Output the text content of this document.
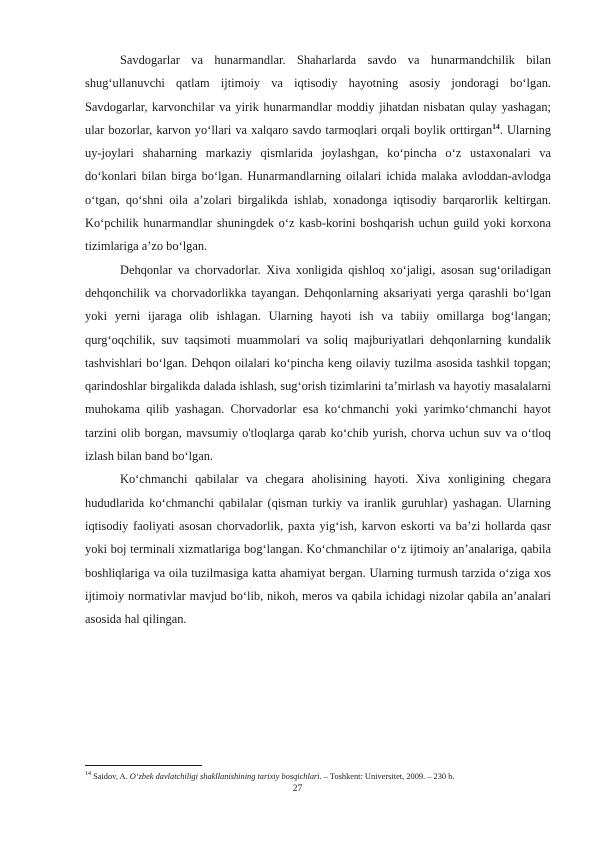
Savdogarlar va hunarmandlar. Shaharlarda savdo va hunarmandchilik bilan shug‘ullanuvchi qatlam ijtimoiy va iqtisodiy hayotning asosiy jondoragi bo‘lgan. Savdogarlar, karvonchilar va yirik hunarmandlar moddiy jihatdan nisbatan qulay yashagan; ular bozorlar, karvon yo‘llari va xalqaro savdo tarmoqlari orqali boylik orttirgan$^{14}$. Ularning uy-joylari shaharning markaziy qismlarida joylashgan, ko‘pincha o‘z ustaxonalari va do‘konlari bilan birga bo‘lgan. Hunarmandlarning oilalari ichida malaka avloddan-avlodga o‘tgan, qo‘shni oila a’zolari birgalikda ishlab, xonadonga iqtisodiy barqarorlik keltirgan. Ko‘pchilik hunarmandlar shuningdek o‘z kasb-korini boshqarish uchun guild yoki korxona tizimlariga a’zo bo‘lgan.

Dehqonlar va chorvadorlar. Xiva xonligida qishloq xo‘jaligi, asosan sug‘oriladigan dehqonchilik va chorvadorlikka tayangan. Dehqonlarning aksariyati yerga qarashli bo‘lgan yoki yerni ijaraga olib ishlagan. Ularning hayoti ish va tabiiy omillarga bog‘langan; qurg‘oqchilik, suv taqsimoti muammolari va soliq majburiyatlari dehqonlarning kundalik tashvishlari bo‘lgan. Dehqon oilalari ko‘pincha keng oilaviy tuzilma asosida tashkil topgan; qarindoshlar birgalikda dalada ishlash, sug‘orish tizimlarini ta’mirlash va hayotiy masalalarni muhokama qilib yashagan. Chorvadorlar esa ko‘chmanchi yoki yarimko‘chmanchi hayot tarzini olib borgan, mavsumiy o'tloqlarga qarab ko‘chib yurish, chorva uchun suv va o‘tloq izlash bilan band bo‘lgan.

Ko‘chmanchi qabilalar va chegara aholisining hayoti. Xiva xonligining chegara hududlarida ko‘chmanchi qabilalar (qisman turkiy va iranlik guruhlar) yashagan. Ularning iqtisodiy faoliyati asosan chorvadorlik, paxta yig‘ish, karvon eskorti va ba’zi hollarda qasr yoki boj terminali xizmatlariga bog‘langan. Ko‘chmanchilar o‘z ijtimoiy an’analariga, qabila boshliqlariga va oila tuzilmasiga katta ahamiyat bergan. Ularning turmush tarzida o‘ziga xos ijtimoiy normativlar mavjud bo‘lib, nikoh, meros va qabila ichidagi nizolar qabila an’analari asosida hal qilingan.

$^{14}$ Saidov, A. O‘zbek davlatchiligi shakllanishining tarixiy bosqichlari. – Toshkent: Universitet, 2009. – 230 b.
27
